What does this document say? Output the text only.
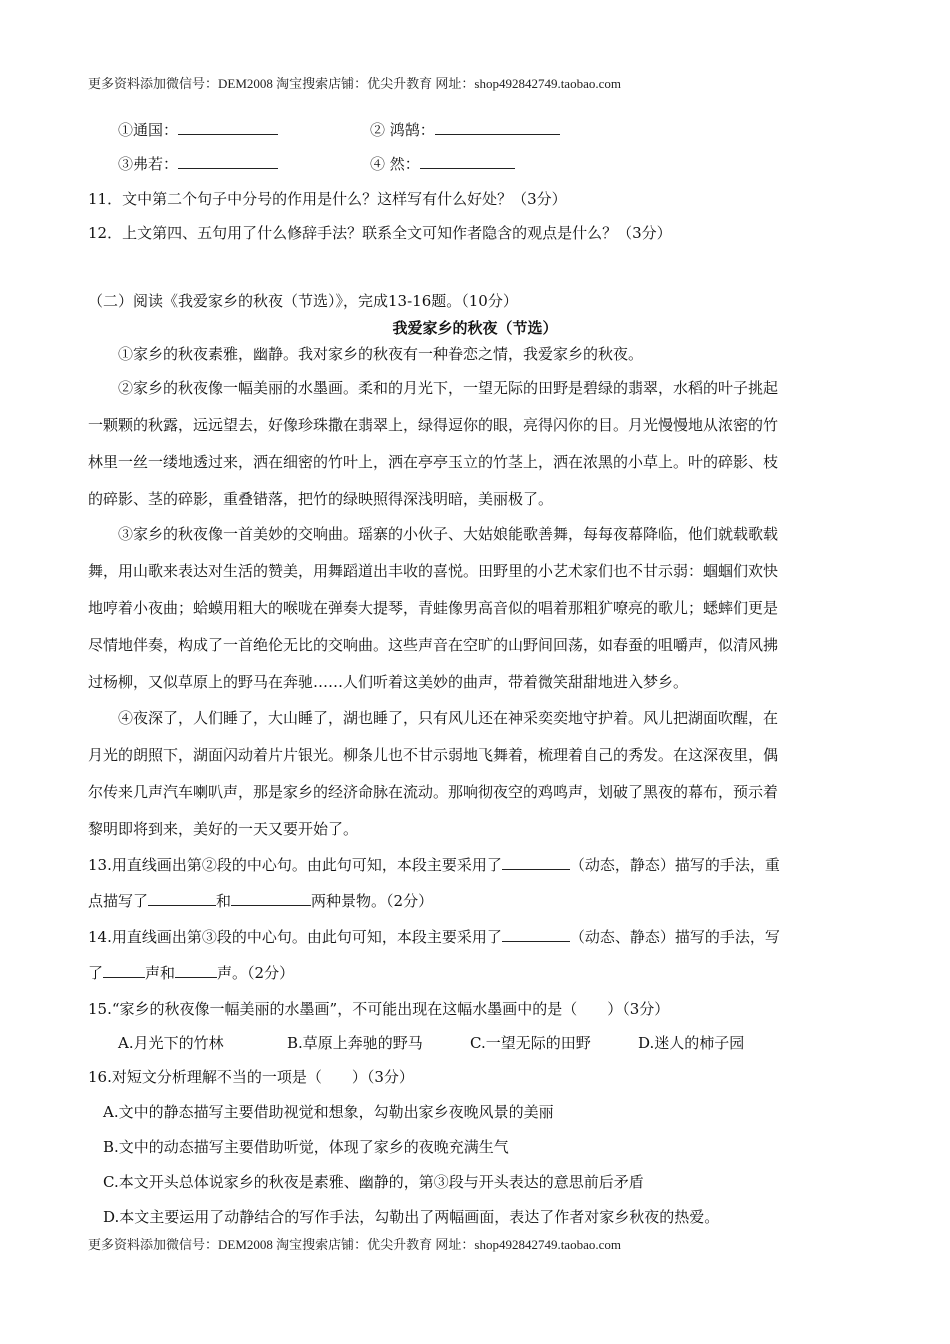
更多资料添加微信号：DEM2008 淘宝搜索店铺：优尖升教育 网址：shop492842749.taobao.com
①通国：	② 鸿鹄：
③弗若：	④ 然：
11．文中第二个句子中分号的作用是什么？这样写有什么好处？（3分）
12．上文第四、五句用了什么修辞手法？联系全文可知作者隐含的观点是什么？（3分）
（二）阅读《我爱家乡的秋夜（节选）》，完成13-16题。（10分）
我爱家乡的秋夜（节选）
①家乡的秋夜素雅，幽静。我对家乡的秋夜有一种眷恋之情，我爱家乡的秋夜。
②家乡的秋夜像一幅美丽的水墨画。柔和的月光下，一望无际的田野是碧绿的翡翠，水稻的叶子挑起
一颗颗的秋露，远远望去，好像珍珠撒在翡翠上，绿得逗你的眼，亮得闪你的目。月光慢慢地从浓密的竹
林里一丝一缕地透过来，洒在细密的竹叶上，洒在亭亭玉立的竹茎上，洒在浓黑的小草上。叶的碎影、枝
的碎影、茎的碎影，重叠错落，把竹的绿映照得深浅明暗，美丽极了。
③家乡的秋夜像一首美妙的交响曲。瑶寨的小伙子、大姑娘能歌善舞，每每夜幕降临，他们就载歌载
舞，用山歌来表达对生活的赞美，用舞蹈道出丰收的喜悦。田野里的小艺术家们也不甘示弱：蝈蝈们欢快
地哼着小夜曲；蛤蟆用粗大的喉咙在弹奏大提琴，青蛙像男高音似的唱着那粗犷嘹亮的歌儿；蟋蟀们更是
尽情地伴奏，构成了一首绝伦无比的交响曲。这些声音在空旷的山野间回荡，如春蚕的咀嚼声，似清风拂
过杨柳，又似草原上的野马在奔驰……人们听着这美妙的曲声，带着微笑甜甜地进入梦乡。
④夜深了，人们睡了，大山睡了，湖也睡了，只有风儿还在神采奕奕地守护着。风儿把湖面吹醒，在
月光的朗照下，湖面闪动着片片银光。柳条儿也不甘示弱地飞舞着，梳理着自己的秀发。在这深夜里，偶
尔传来几声汽车喇叭声，那是家乡的经济命脉在流动。那响彻夜空的鸡鸣声，划破了黑夜的幕布，预示着
黎明即将到来，美好的一天又要开始了。
13.用直线画出第②段的中心句。由此句可知，本段主要采用了	（动态，静态）描写的手法，重
点描写了	和	两种景物。（2分）
14.用直线画出第③段的中心句。由此句可知，本段主要采用了	（动态、静态）描写的手法，写
了	声和	声。（2分）
15.“家乡的秋夜像一幅美丽的水墨画”，不可能出现在这幅水墨画中的是（　　）（3分）
A.月光下的竹林	B.草原上奔驰的野马	C.一望无际的田野	D.迷人的柿子园
16.对短文分析理解不当的一项是（　　）（3分）
A.文中的静态描写主要借助视觉和想象，勾勒出家乡夜晚风景的美丽
B.文中的动态描写主要借助听觉，体现了家乡的夜晚充满生气
C.本文开头总体说家乡的秋夜是素雅、幽静的，第③段与开头表达的意思前后矛盾
D.本文主要运用了动静结合的写作手法，勾勒出了两幅画面，表达了作者对家乡秋夜的热爱。
更多资料添加微信号：DEM2008 淘宝搜索店铺：优尖升教育 网址：shop492842749.taobao.com
